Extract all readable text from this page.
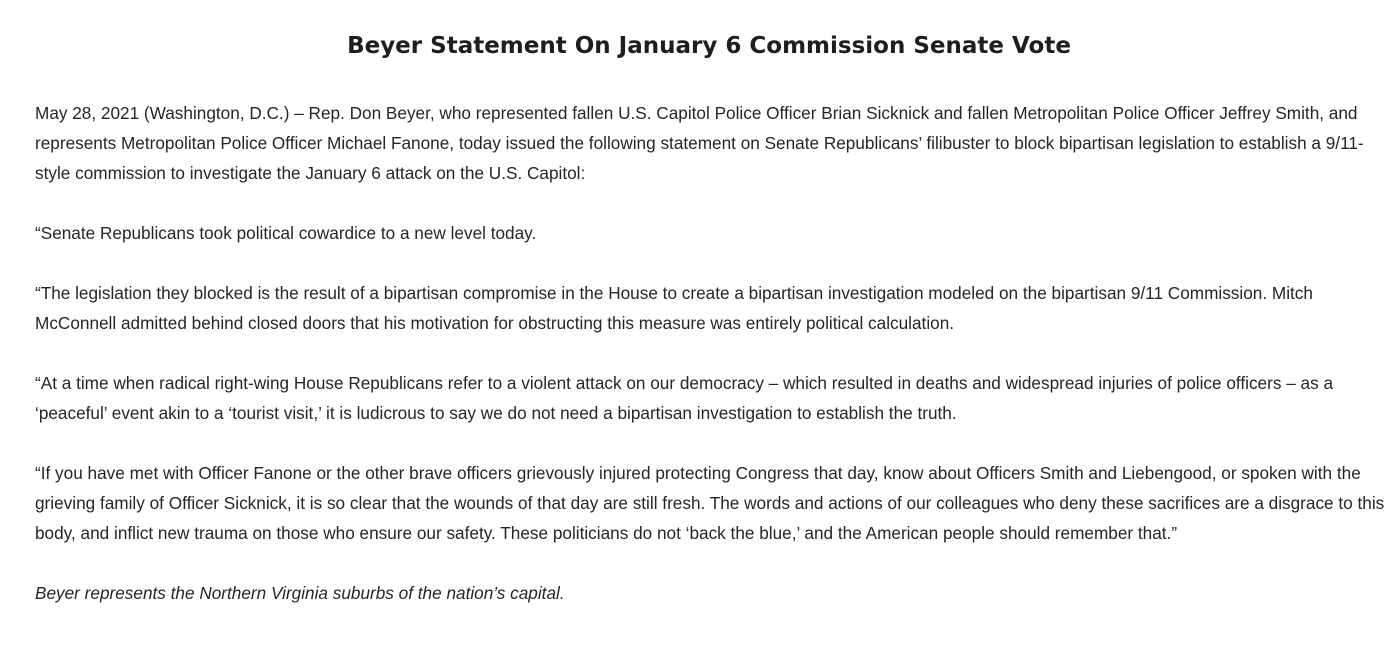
Beyer Statement On January 6 Commission Senate Vote

May 28, 2021 (Washington, D.C.) – Rep. Don Beyer, who represented fallen U.S. Capitol Police Officer Brian Sicknick and fallen Metropolitan Police Officer Jeffrey Smith, and represents Metropolitan Police Officer Michael Fanone, today issued the following statement on Senate Republicans’ filibuster to block bipartisan legislation to establish a 9/11-style commission to investigate the January 6 attack on the U.S. Capitol:

“Senate Republicans took political cowardice to a new level today.

“The legislation they blocked is the result of a bipartisan compromise in the House to create a bipartisan investigation modeled on the bipartisan 9/11 Commission. Mitch McConnell admitted behind closed doors that his motivation for obstructing this measure was entirely political calculation.

“At a time when radical right-wing House Republicans refer to a violent attack on our democracy – which resulted in deaths and widespread injuries of police officers – as a ‘peaceful’ event akin to a ‘tourist visit,’ it is ludicrous to say we do not need a bipartisan investigation to establish the truth.

“If you have met with Officer Fanone or the other brave officers grievously injured protecting Congress that day, know about Officers Smith and Liebengood, or spoken with the grieving family of Officer Sicknick, it is so clear that the wounds of that day are still fresh. The words and actions of our colleagues who deny these sacrifices are a disgrace to this body, and inflict new trauma on those who ensure our safety. These politicians do not ‘back the blue,’ and the American people should remember that.”

Beyer represents the Northern Virginia suburbs of the nation’s capital.
